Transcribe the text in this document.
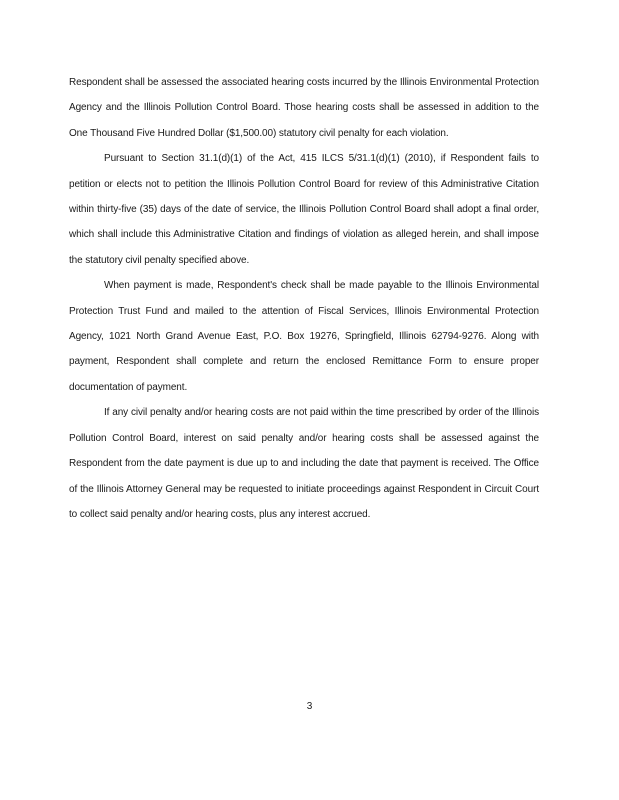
Respondent shall be assessed the associated hearing costs incurred by the Illinois Environmental Protection Agency and the Illinois Pollution Control Board. Those hearing costs shall be assessed in addition to the One Thousand Five Hundred Dollar ($1,500.00) statutory civil penalty for each violation.

Pursuant to Section 31.1(d)(1) of the Act, 415 ILCS 5/31.1(d)(1) (2010), if Respondent fails to petition or elects not to petition the Illinois Pollution Control Board for review of this Administrative Citation within thirty-five (35) days of the date of service, the Illinois Pollution Control Board shall adopt a final order, which shall include this Administrative Citation and findings of violation as alleged herein, and shall impose the statutory civil penalty specified above.

When payment is made, Respondent's check shall be made payable to the Illinois Environmental Protection Trust Fund and mailed to the attention of Fiscal Services, Illinois Environmental Protection Agency, 1021 North Grand Avenue East, P.O. Box 19276, Springfield, Illinois 62794-9276. Along with payment, Respondent shall complete and return the enclosed Remittance Form to ensure proper documentation of payment.

If any civil penalty and/or hearing costs are not paid within the time prescribed by order of the Illinois Pollution Control Board, interest on said penalty and/or hearing costs shall be assessed against the Respondent from the date payment is due up to and including the date that payment is received. The Office of the Illinois Attorney General may be requested to initiate proceedings against Respondent in Circuit Court to collect said penalty and/or hearing costs, plus any interest accrued.

3
